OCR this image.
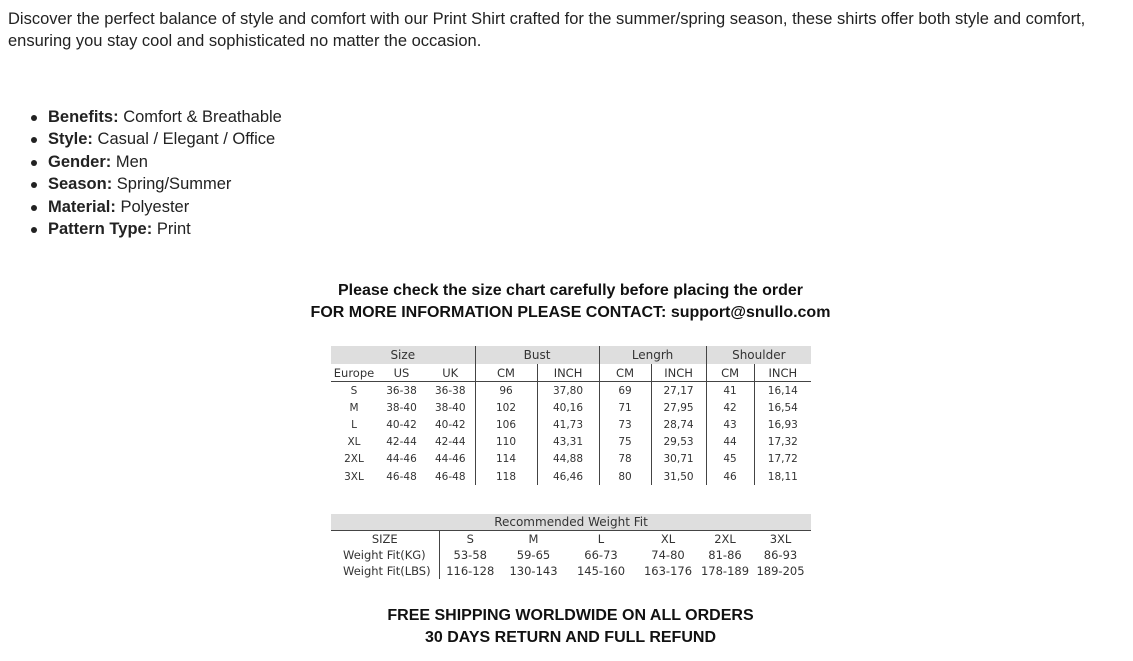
Discover the perfect balance of style and comfort with our Print Shirt crafted for the summer/spring season, these shirts offer both style and comfort,
ensuring you stay cool and sophisticated no matter the occasion.
Benefits: Comfort & Breathable
Style: Casual / Elegant / Office
Gender: Men
Season: Spring/Summer
Material: Polyester
Pattern Type: Print
Please check the size chart carefully before placing the order
FOR MORE INFORMATION PLEASE CONTACT: support@snullo.com
Size			Bust		Lengrh		Shoulder	
Europe	US	UK	CM	INCH	CM	INCH	CM	INCH
S	36-38	36-38	96	37,80	69	27,17	41	16,14
M	38-40	38-40	102	40,16	71	27,95	42	16,54
L	40-42	40-42	106	41,73	73	28,74	43	16,93
XL	42-44	42-44	110	43,31	75	29,53	44	17,32
2XL	44-46	44-46	114	44,88	78	30,71	45	17,72
3XL	46-48	46-48	118	46,46	80	31,50	46	18,11
Recommended Weight Fit
SIZE	S	M	L	XL	2XL	3XL
Weight Fit(KG)	53-58	59-65	66-73	74-80	81-86	86-93
Weight Fit(LBS)	116-128	130-143	145-160	163-176	178-189	189-205
FREE SHIPPING WORLDWIDE ON ALL ORDERS
30 DAYS RETURN AND FULL REFUND
